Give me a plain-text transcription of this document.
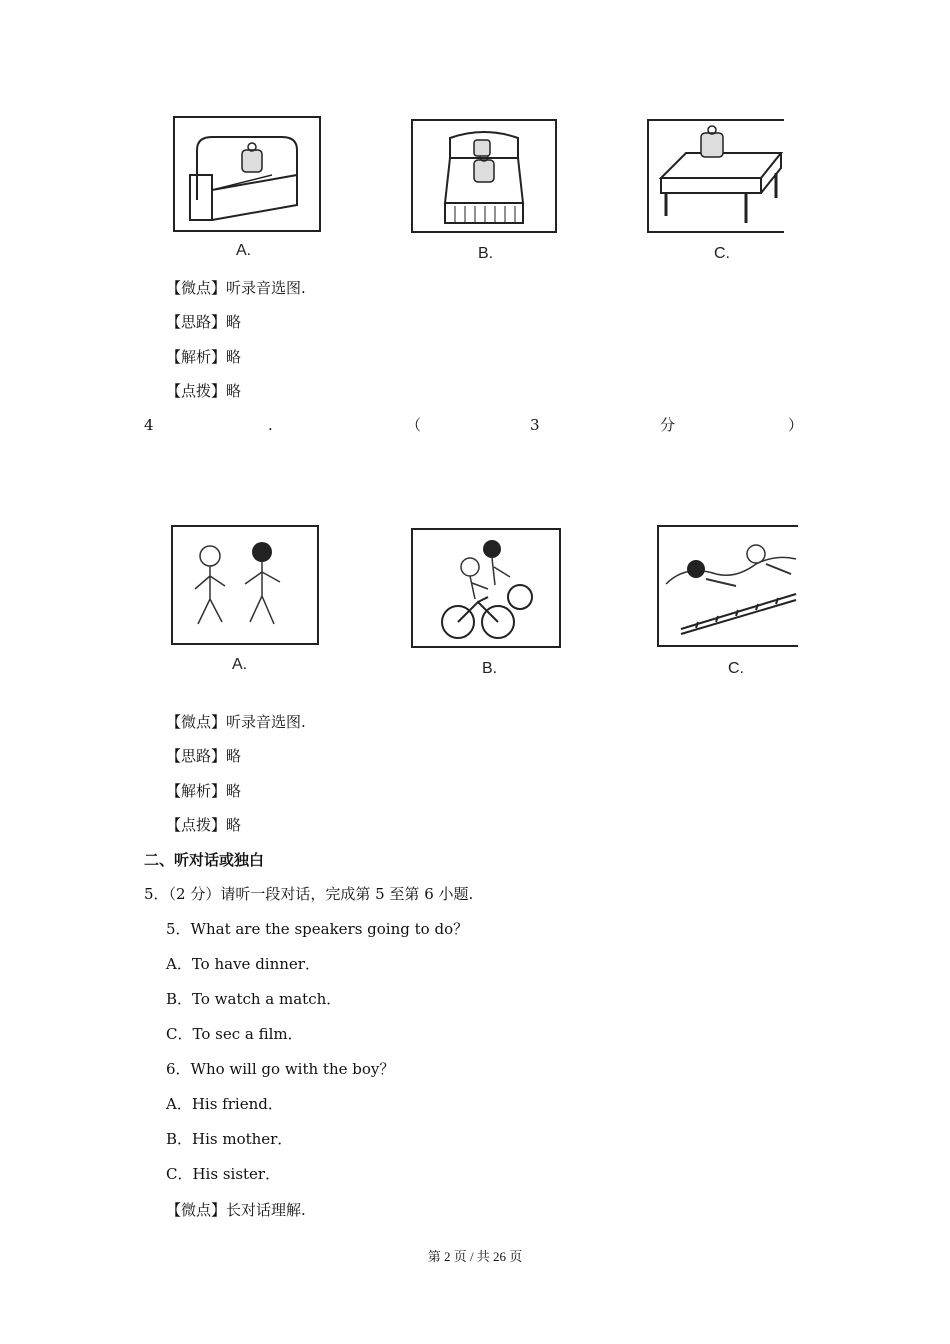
A.	B.	C.
【微点】听录音选图.
【思路】略
【解析】略
【点拨】略
4	.	（	3	分	）
A.	B.	C.
【微点】听录音选图.
【思路】略
【解析】略
【点拨】略
二、听对话或独白
5．（2 分）请听一段对话，完成第 5 至第 6 小题.
5．What are the speakers going to do？
A．To have dinner．
B．To watch a match．
C．To sec a film．
6．Who will go with the boy？
A．His friend．
B．His mother．
C．His sister．
【微点】长对话理解.
第 2 页 / 共 26 页
